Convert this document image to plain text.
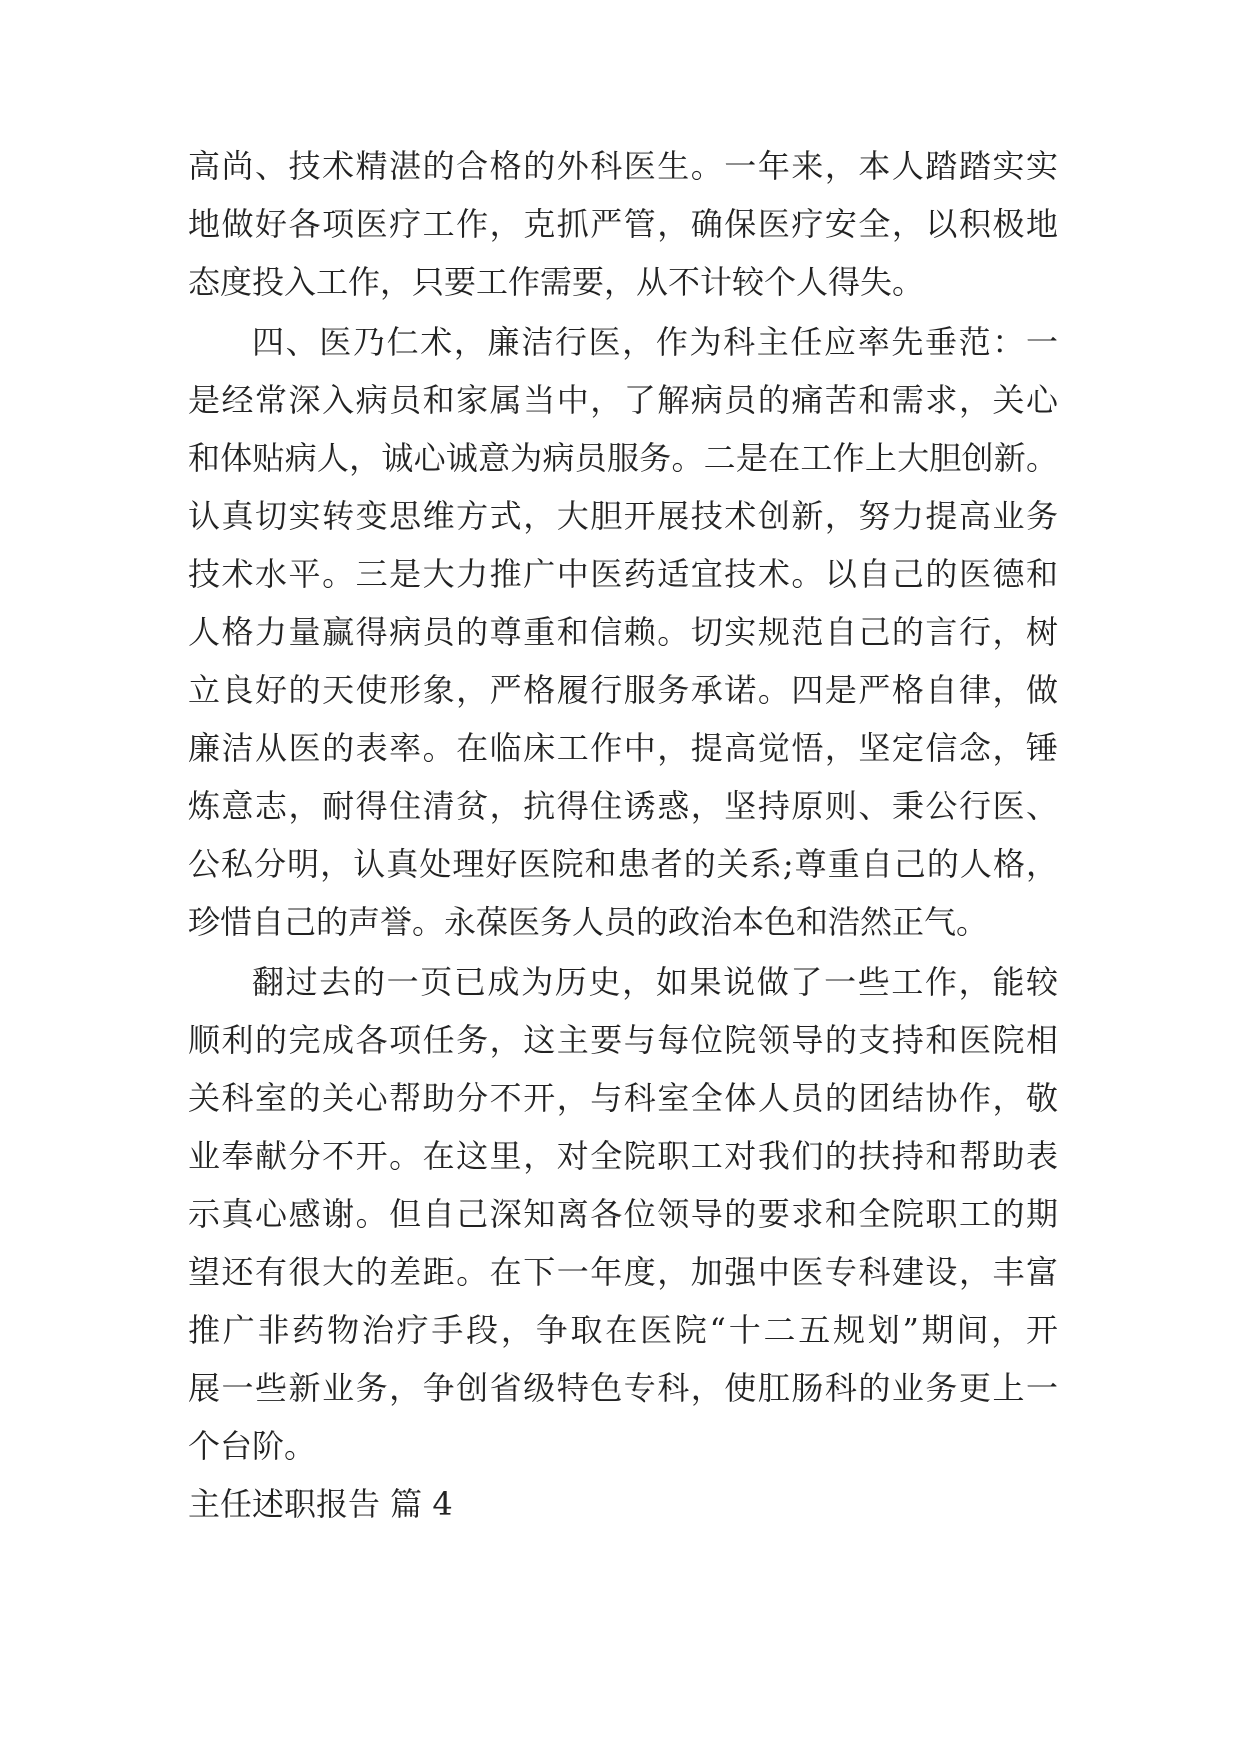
高尚、技术精湛的合格的外科医生。一年来，本人踏踏实实
地做好各项医疗工作，克抓严管，确保医疗安全，以积极地
态度投入工作，只要工作需要，从不计较个人得失。
四、医乃仁术，廉洁行医，作为科主任应率先垂范：一
是经常深入病员和家属当中，了解病员的痛苦和需求，关心
和体贴病人，诚心诚意为病员服务。二是在工作上大胆创新。
认真切实转变思维方式，大胆开展技术创新，努力提高业务
技术水平。三是大力推广中医药适宜技术。以自己的医德和
人格力量赢得病员的尊重和信赖。切实规范自己的言行，树
立良好的天使形象，严格履行服务承诺。四是严格自律，做
廉洁从医的表率。在临床工作中，提高觉悟，坚定信念，锤
炼意志，耐得住清贫，抗得住诱惑，坚持原则、秉公行医、
公私分明，认真处理好医院和患者的关系;尊重自己的人格，
珍惜自己的声誉。永葆医务人员的政治本色和浩然正气。
翻过去的一页已成为历史，如果说做了一些工作，能较
顺利的完成各项任务，这主要与每位院领导的支持和医院相
关科室的关心帮助分不开，与科室全体人员的团结协作，敬
业奉献分不开。在这里，对全院职工对我们的扶持和帮助表
示真心感谢。但自己深知离各位领导的要求和全院职工的期
望还有很大的差距。在下一年度，加强中医专科建设，丰富
推广非药物治疗手段，争取在医院“十二五规划”期间，开
展一些新业务，争创省级特色专科，使肛肠科的业务更上一
个台阶。
主任述职报告 篇 4
